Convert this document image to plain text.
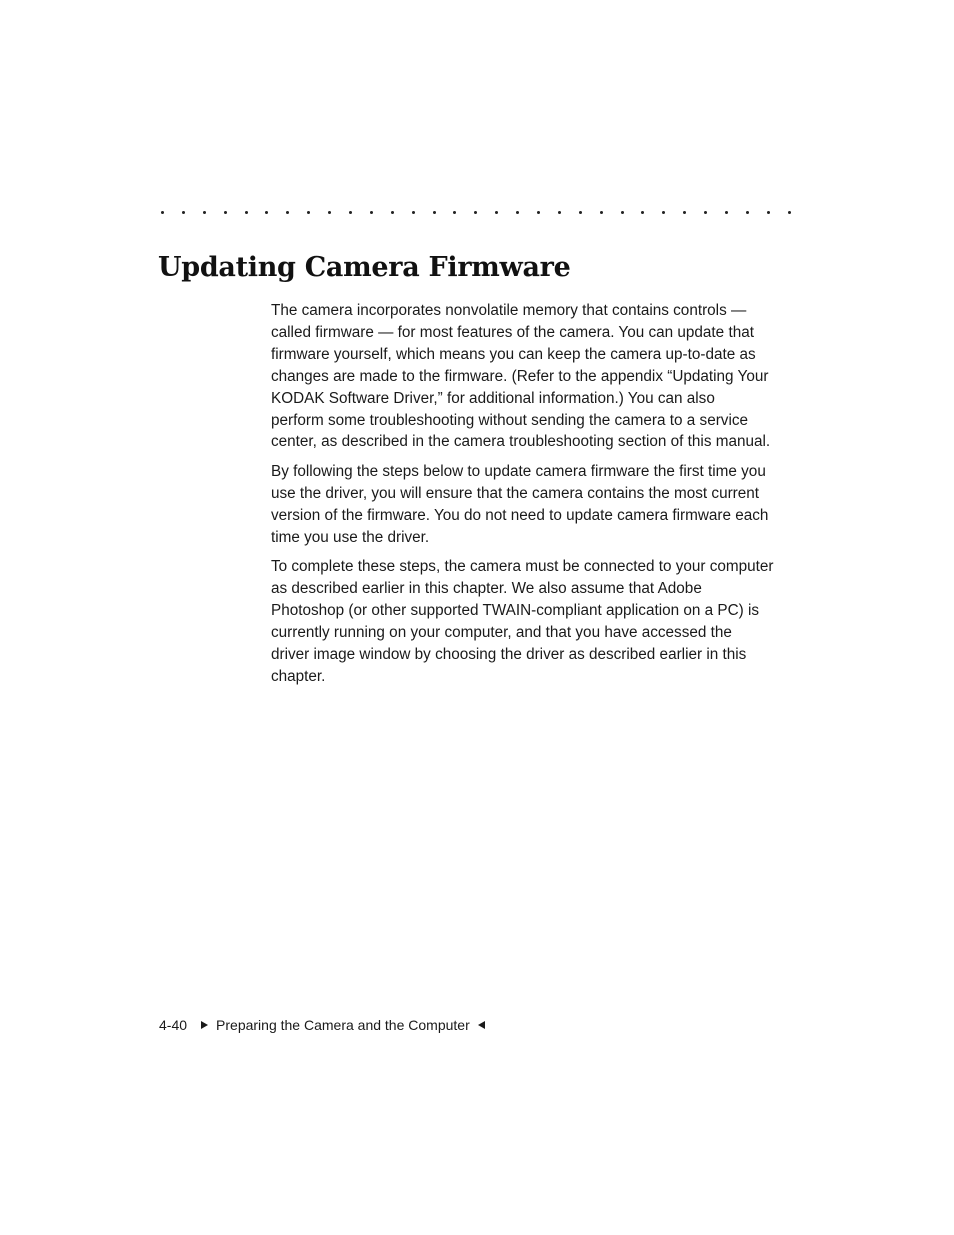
Updating Camera Firmware

The camera incorporates nonvolatile memory that contains controls —
called firmware — for most features of the camera. You can update that
firmware yourself, which means you can keep the camera up-to-date as
changes are made to the firmware. (Refer to the appendix “Updating Your
KODAK Software Driver,” for additional information.) You can also
perform some troubleshooting without sending the camera to a service
center, as described in the camera troubleshooting section of this manual.

By following the steps below to update camera firmware the first time you
use the driver, you will ensure that the camera contains the most current
version of the firmware. You do not need to update camera firmware each
time you use the driver.

To complete these steps, the camera must be connected to your computer
as described earlier in this chapter. We also assume that Adobe
Photoshop (or other supported TWAIN-compliant application on a PC) is
currently running on your computer, and that you have accessed the
driver image window by choosing the driver as described earlier in this
chapter.

4-40 Preparing the Camera and the Computer
